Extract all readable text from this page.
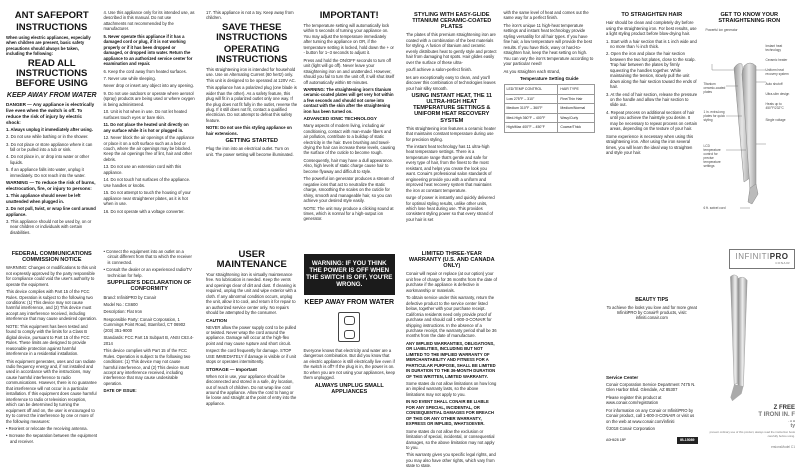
ANT SAFEPORT
INSTRUCTIONS
When using electric appliances, especially when children are present, basic safety precautions should always be taken, including the following:
READ ALL INSTRUCTIONS BEFORE USING
KEEP AWAY FROM WATER
DANGER — Any appliance is electrically live even when the switch is off. To reduce the risk of injury by electric shock:
1. Always unplug it immediately after using.
2. Do not use while bathing or in the shower.
3. Do not place or store appliance where it can fall or be pulled into a tub or sink.
4. Do not place in, or drop into water or other liquids.
5. If an appliance falls into water, unplug it immediately. Do not reach into the water.
WARNING — To reduce the risk of burns, electrocution, fire, or injury to persons:
1. This appliance should never be left unattended when plugged in.
2. Do not pull, twist, or wrap line cord around appliance.
3. This appliance should not be used by, on or near children or individuals with certain disabilities.
4. Use this appliance only for its intended use, as described in this manual. Do not use attachments not recommended by the manufacturer.
5. Never operate this appliance if it has a damaged cord or plug, if it is not working properly or if it has been dropped or damaged, or dropped into water. Return the appliance to an authorized service center for examination and repair.
6. Keep the cord away from heated surfaces.
7. Never use while sleeping.
Never drop or insert any object into any opening.
9. Do not use outdoors or operate where aerosol (spray) products are being used or where oxygen is being administered.
10. Unit is hot when in use. Do not let heated surfaces touch eyes or bare skin.
11. Do not place the heated unit directly on any surface while it is hot or plugged in.
12. Never block the air openings of the appliance or place it on a soft surface such as a bed or couch, where the air openings may be blocked. Keep the air openings free of lint, hair and other debris.
13. Do not use an extension cord with this appliance.
14. Do not touch hot surfaces of the appliance. Use handles or knobs.
15. Do not attempt to touch the housing of your appliance near straightener plates, as it is hot when in use.
16. Do not operate with a voltage converter.
17. This appliance is not a toy. Keep away from children.
SAVE THESE INSTRUCTIONS
OPERATING INSTRUCTIONS
This straightening iron is intended for household use. Use on Alternating Current (60 hertz) only. This unit is designed to be operated at 120V AC.
This appliance has a polarized plug (one blade is wider than the other). As a safety feature, this plug will fit in a polarized outlet only one way. If the plug does not fit fully in the outlet, reverse the plug. If it still does not fit, contact a qualified electrician. Do not attempt to defeat this safety feature.
NOTE: Do not use this styling appliance on hair extensions.
GETTING STARTED
Plug the iron into an electrical outlet. Turn on unit. The power setting will become illuminated.
IMPORTANT!
The temperature setting will automatically lock within 5 seconds of turning your appliance on. You may adjust the temperature immediately after turning the appliance on OR, if the temperature setting is locked, hold down the + or - button for 1–3 seconds to adjust it.
Press and hold the ON/OFF seconds to turn off unit (light will go off). Never leave your straightening iron on and unattended. However, should you fail to turn the unit off, it will shut itself off automatically within 60 minutes.
WARNING: The straightening iron's titanium ceramic-coated plates will get very hot within a few seconds and should not come into contact with the skin after the straightening iron has been turned on.
ADVANCED IONIC TECHNOLOGY
Many aspects of modern living, including air conditioning, contact with man-made fibers and air pollution, contribute to a buildup of static electricity in the hair. Even brushing and towel-drying the hair can increase these levels, causing the surface of the cuticle to become rough.
Consequently, hair may have a dull appearance. Also, high levels of static charge cause hair to become flyaway and difficult to style.
The powerful ion generator produces a stream of negative ions that act to neutralize the static charge, smoothing the scales on the cuticle for shiny, smooth and manageable hair, so you can achieve your desired style easily.
NOTE: The unit may produce a clicking sound at times, which is normal for a high-output ion generator.
STYLING WITH EASY-GLIDE TITANIUM CERAMIC-COATED PLATES
The plates of this premium straightening iron are coated with a combination of the best materials for styling. A fusion of titanium and ceramic evenly distributes heat to gently style and protect hair from damaging hot spots. Hair glides easily over the surface of these ultra-
you'll achieve a salon-perfect finish.
tes are exceptionally easy to clean, and you'll discover this combination of technologies leaves your hair silky smooth.
USING INSTANT HEAT, THE 11 ULTRA-HIGH HEAT TEMPERATURE SETTINGS & UNIFORM HEAT RECOVERY SYSTEM
This straightening iron features a ceramic heater that maintains constant temperature during use for precision styling.
The instant heat technology has 11 ultra-high heat temperature settings. There is a temperature range that's gentle and safe for every type of hair, from the finest to the most resistant, and helps you create the look you want. Conair's professional salon standards of engineering provide you with a uniform and improved heat recovery system that maintains the iron at constant temperature.
surge of power is instantly and quickly delivered for optimal styling results, unlike other units, which lose heat during use. This provides consistent styling power so that every strand of your hair is set
with the same level of heat and comes out the same way for a perfect finish.
The iron's unique 11 high-heat temperature settings and instant heat technology provide styling versatility for all hair types. If you have fine hair, a low temperature will provide the best results. If you have thick, wavy or hard-to-straighten hair, keep the heat setting on high. You can vary the iron's temperature according to your particular need!
As you straighten each strand,
Temperature Setting Guide
LED/TEMP CONTROL	HAIR TYPE
Low 275°F – 310°	Fine/Thin Hair
Medium 310°F – 360°F	Medium/Normal
Med-High 360°F – 400°F	Wavy/Curly
High/Max 400°F – 450°F	Coarse/Thick
TO STRAIGHTEN HAIR
Hair should be clean and completely dry before using the straightening iron. For best results, use a light styling product before blow-drying hair.
1. Start with a hair section that is 1 inch wide and no more than ½ inch thick.
2. Open the iron and place the hair section between the two hot plates, close to the scalp. Trap hair between the plates by firmly squeezing the handles together. While maintaining the tension, slowly pull the unit down along the hair section toward the ends of hair.
3. At the end of hair section, release the pressure on the handle and allow the hair section to slide out.
4. Repeat process on additional sections of hair until you achieve the hairstyle you desire. It may be necessary to repeat process on certain areas, depending on the texture of your hair.
Some experience is necessary when using this straightening iron. After using the iron several times, you will learn the ideal way to straighten and style your hair.
GET TO KNOW YOUR STRAIGHTENING IRON
Powerful ion generator
Titanium ceramic-coated plates
1 in. extra-long plates for quick styling
LCD temperature control for precise temperature settings
Instant heat technology
Ceramic heater
Uniform heat recovery system
Auto shutoff
Ultra-slim design
Heats up to 450°F/232°C
Single voltage
6 ft. swivel cord
FEDERAL COMMUNICATIONS COMMISSION NOTICE
WARNING: Changes or modifications to this unit not expressly approved by the party responsible for compliance could void the user's authority to operate the equipment.
This device complies with Part 15 of the FCC Rules. Operation is subject to the following two conditions: (1) This device may not cause harmful interference, and (2) This device must accept any interference received, including interference that may cause undesired operation.
NOTE: This equipment has been tested and found to comply with the limits for a Class B digital device, pursuant to Part 15 of the FCC Rules. These limits are designed to provide reasonable protection against harmful interference in a residential installation.
This equipment generates, uses and can radiate radio frequency energy and, if not installed and used in accordance with the instructions, may cause harmful interference to radio communications. However, there is no guarantee that interference will not occur in a particular installation. If this equipment does cause harmful interference to radio or television reception, which can be determined by turning the equipment off and on, the user is encouraged to try to correct the interference by one or more of the following measures:
• Reorient or relocate the receiving antenna.
• Increase the separation between the equipment and receiver.
• Connect the equipment into an outlet on a circuit different from that to which the receiver is connected.
• Consult the dealer or an experienced radio/TV technician for help.
SUPPLIER'S DECLARATION OF CONFORMITY
Brand: InfinitiPRO by Conair
Model No.: CS600
Description: Flat Iron
Responsible Party: Conair Corporation, 1 Cummings Point Road, Stamford, CT 06902 (203) 351-9000
Standards: FCC Part 15 Subpart B, ANSI C63.4-2014
This device complies with Part 15 of the FCC Rules. Operation is subject to the following two conditions: (1) This device may not cause harmful interference, and (2) This device must accept any interference received, including interference that may cause undesirable operation.
DATE OF ISSUE:
USER MAINTENANCE
Your straightening iron is virtually maintenance free. No lubrication is needed. Keep the vents and openings clear of dirt and dust. If cleaning is required, unplug the unit and wipe exterior with a cloth. If any abnormal condition occurs, unplug the unit, allow it to cool, and return it for repair to an authorized service center only. No repairs should be attempted by the consumer.
CAUTION
NEVER allow the power supply cord to be pulled or twisted. Never wrap the cord around the appliance. Damage will occur at the high-flex point and may cause rupture and short circuit.
Inspect the cord frequently for damage. STOP USE IMMEDIATELY if damage is visible or if unit stops or operates intermittently.
STORAGE — Important
When not in use, your appliance should be disconnected and stored in a safe, dry location, out of reach of children. Do not wrap line cord around the appliance. Allow the cord to hang or lie loose and straight at the point of entry into the appliance.
WARNING: IF YOU THINK THE POWER IS OFF WHEN THE SWITCH IS OFF, YOU'RE WRONG.
KEEP AWAY FROM WATER
Everyone knows that electricity and water are a dangerous combination. But did you know that an electric appliance is still electrically live even if the switch is off? If the plug is in, the power is on. So when you are not using your appliances, keep them unplugged.
ALWAYS UNPLUG SMALL APPLIANCES
LIMITED THREE-YEAR WARRANTY (U.S. AND CANADA ONLY)
Conair will repair or replace (at our option) your unit free of charge for 36 months from the date of purchase if the appliance is defective in workmanship or materials.
To obtain service under this warranty, return the defective product to the service center listed below, together with your purchase receipt. California residents need only provide proof of purchase and should call 1-800-3-CONAIR for shipping instructions. In the absence of a purchase receipt, the warranty period shall be 36 months from the date of manufacture.
ANY IMPLIED WARRANTIES, OBLIGATIONS, OR LIABILITIES, INCLUDING BUT NOT LIMITED TO THE IMPLIED WARRANTY OF MERCHANTABILITY AND FITNESS FOR A PARTICULAR PURPOSE, SHALL BE LIMITED IN DURATION TO THE 36-MONTH DURATION OF THIS WRITTEN, LIMITED WARRANTY.
Some states do not allow limitations on how long an implied warranty lasts, so the above limitations may not apply to you.
IN NO EVENT SHALL CONAIR BE LIABLE FOR ANY SPECIAL, INCIDENTAL, OR CONSEQUENTIAL DAMAGES FOR BREACH OF THIS OR ANY OTHER WARRANTY, EXPRESS OR IMPLIED, WHATSOEVER.
Some states do not allow the exclusion or limitation of special, incidental, or consequential damages, so the above limitation may not apply to you.
This warranty gives you specific legal rights, and you may also have other rights, which vary from state to state.
BEAUTY TIPS
To achieve the looks you love and for more great InfinitiPRO by Conair® products, visit: infiniti.conair.com
Service Center
Conair Corporation Service Department 7475 N. Glen Harbor Blvd. Glendale, AZ 85307
Please register this product at www.conair.com/registration
For information on any Conair or InfinitiPRO by Conair product, call 1-800-3-CONAIR or visit us on the web at www.conair.com/infiniti
©2018 Conair Corporation
A0H628 18P	IB-15089
INFINITIPRO
CONAIR
Z FREE
T IRONI IN. F
- A H
ty
prevent ordinary use of this product, always read the instruction book carefully before using.
ersionsModel C1
